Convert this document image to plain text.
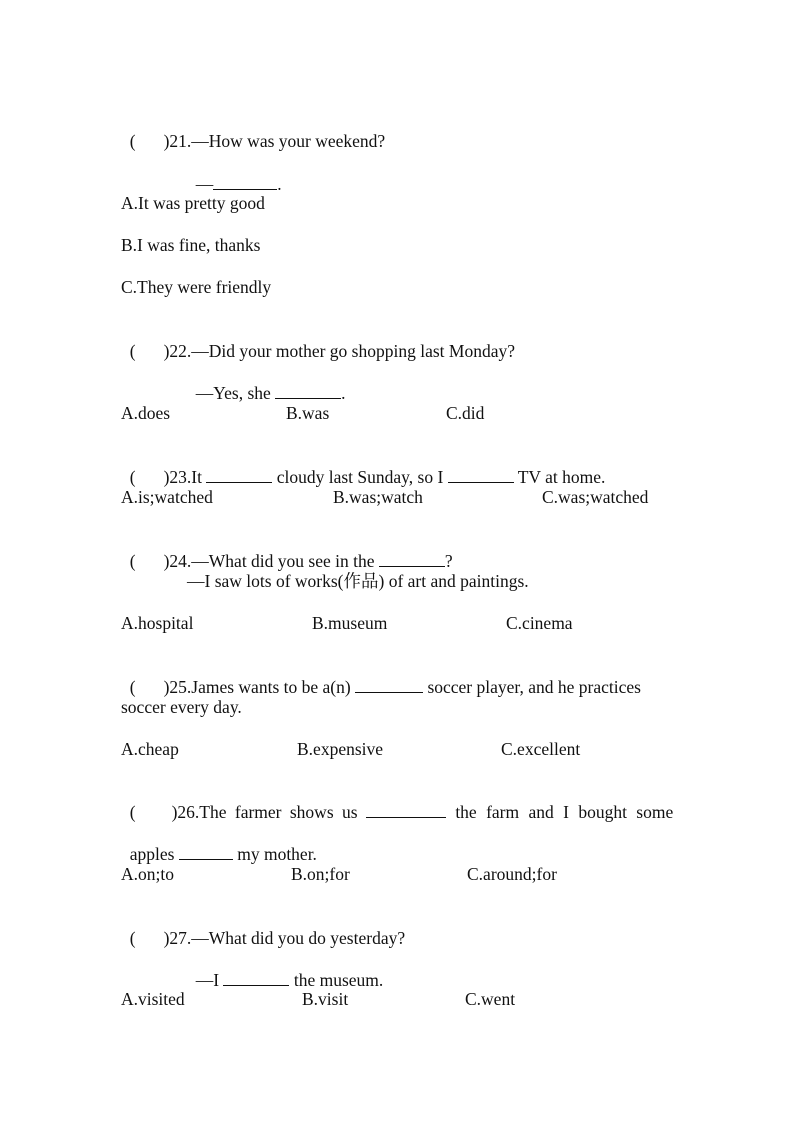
( )21.—How was your weekend?

—	.

A.It was pretty good
B.I was fine, thanks
C.They were friendly

( )22.—Did your mother go shopping last Monday?

—Yes, she	.

A.does	B.was	C.did

( )23.It	cloudy last Sunday, so I	TV at home.

A.is;watched	B.was;watch	C.was;watched

( )24.—What did you see in the	?

—I saw lots of works(作品) of art and paintings.
A.hospital	B.museum	C.cinema

( )25.James wants to be a(n)	soccer player, and he practices

soccer every day.
A.cheap	B.expensive	C.excellent

( )26.The farmer shows us	the farm and I bought some

apples	my mother.

A.on;to	B.on;for	C.around;for

( )27.—What did you do yesterday?

—I	the museum.

A.visited	B.visit	C.went
